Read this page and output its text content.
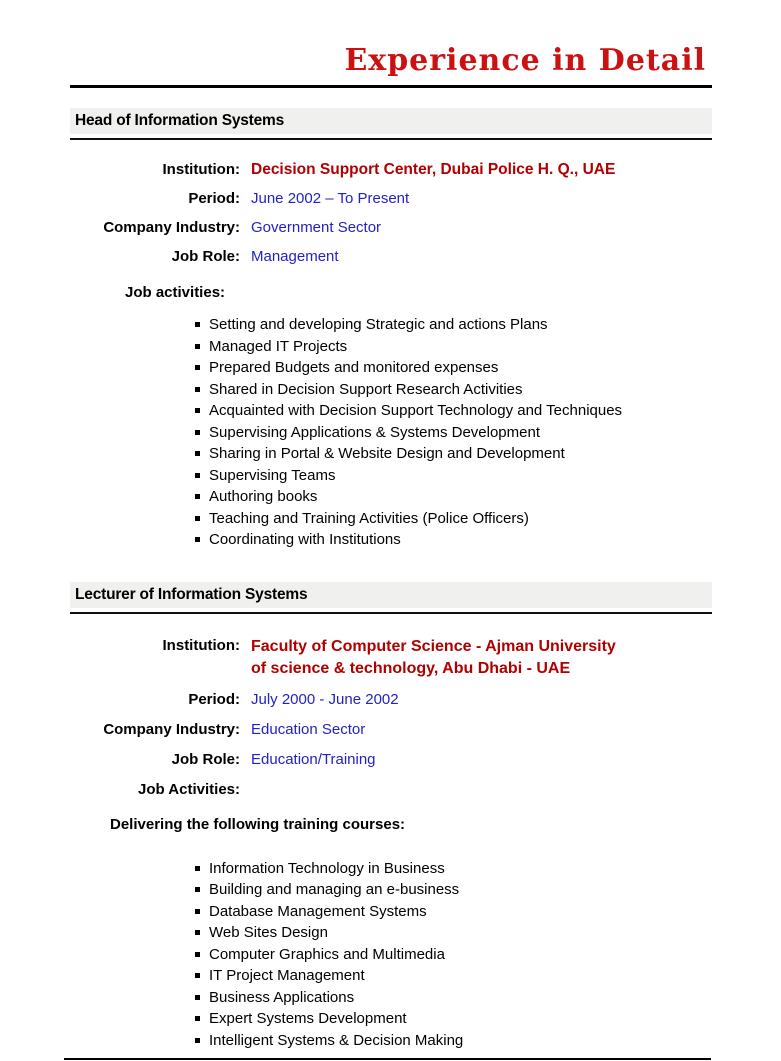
Experience in Detail
Head of Information Systems
Institution: Decision Support Center, Dubai Police H. Q., UAE
Period: June 2002 – To Present
Company Industry: Government Sector
Job Role: Management
Job activities:
Setting and developing Strategic and actions Plans
Managed IT Projects
Prepared Budgets and monitored expenses
Shared in Decision Support Research Activities
Acquainted with Decision Support Technology and Techniques
Supervising Applications & Systems Development
Sharing in Portal & Website Design and Development
Supervising Teams
Authoring books
Teaching and Training Activities (Police Officers)
Coordinating with Institutions
Lecturer of Information Systems
Institution: Faculty of Computer Science - Ajman University
of science & technology, Abu Dhabi - UAE
Period: July 2000 - June 2002
Company Industry: Education Sector
Job Role: Education/Training
Job Activities:
Delivering the following training courses:
Information Technology in Business
Building and managing an e-business
Database Management Systems
Web Sites Design
Computer Graphics and Multimedia
IT Project Management
Business Applications
Expert Systems Development
Intelligent Systems & Decision Making
